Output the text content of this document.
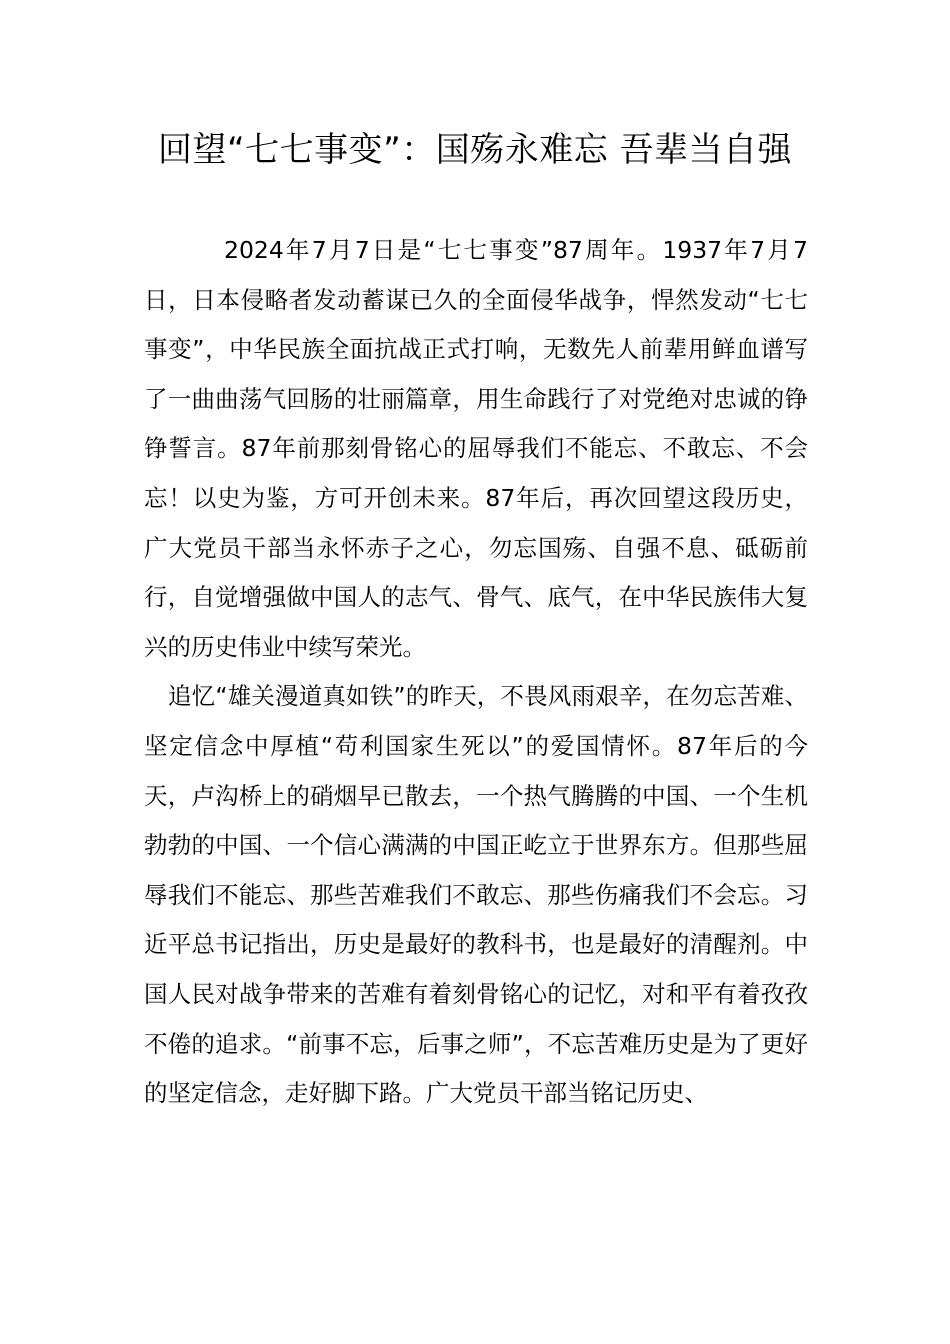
回望“七七事变”：国殇永难忘 吾辈当自强

2024年7月7日是“七七事变”87周年。1937年7月7日，日本侵略者发动蓄谋已久的全面侵华战争，悍然发动“七七事变”，中华民族全面抗战正式打响，无数先人前辈用鲜血谱写了一曲曲荡气回肠的壮丽篇章，用生命践行了对党绝对忠诚的铮铮誓言。87年前那刻骨铭心的屈辱我们不能忘、不敢忘、不会忘！以史为鉴，方可开创未来。87年后，再次回望这段历史，广大党员干部当永怀赤子之心，勿忘国殇、自强不息、砥砺前行，自觉增强做中国人的志气、骨气、底气，在中华民族伟大复兴的历史伟业中续写荣光。

追忆“雄关漫道真如铁”的昨天，不畏风雨艰辛，在勿忘苦难、坚定信念中厚植“苟利国家生死以”的爱国情怀。87年后的今天，卢沟桥上的硝烟早已散去，一个热气腾腾的中国、一个生机勃勃的中国、一个信心满满的中国正屹立于世界东方。但那些屈辱我们不能忘、那些苦难我们不敢忘、那些伤痛我们不会忘。习近平总书记指出，历史是最好的教科书，也是最好的清醒剂。中国人民对战争带来的苦难有着刻骨铭心的记忆，对和平有着孜孜不倦的追求。“前事不忘，后事之师”，不忘苦难历史是为了更好的坚定信念，走好脚下路。广大党员干部当铭记历史、
